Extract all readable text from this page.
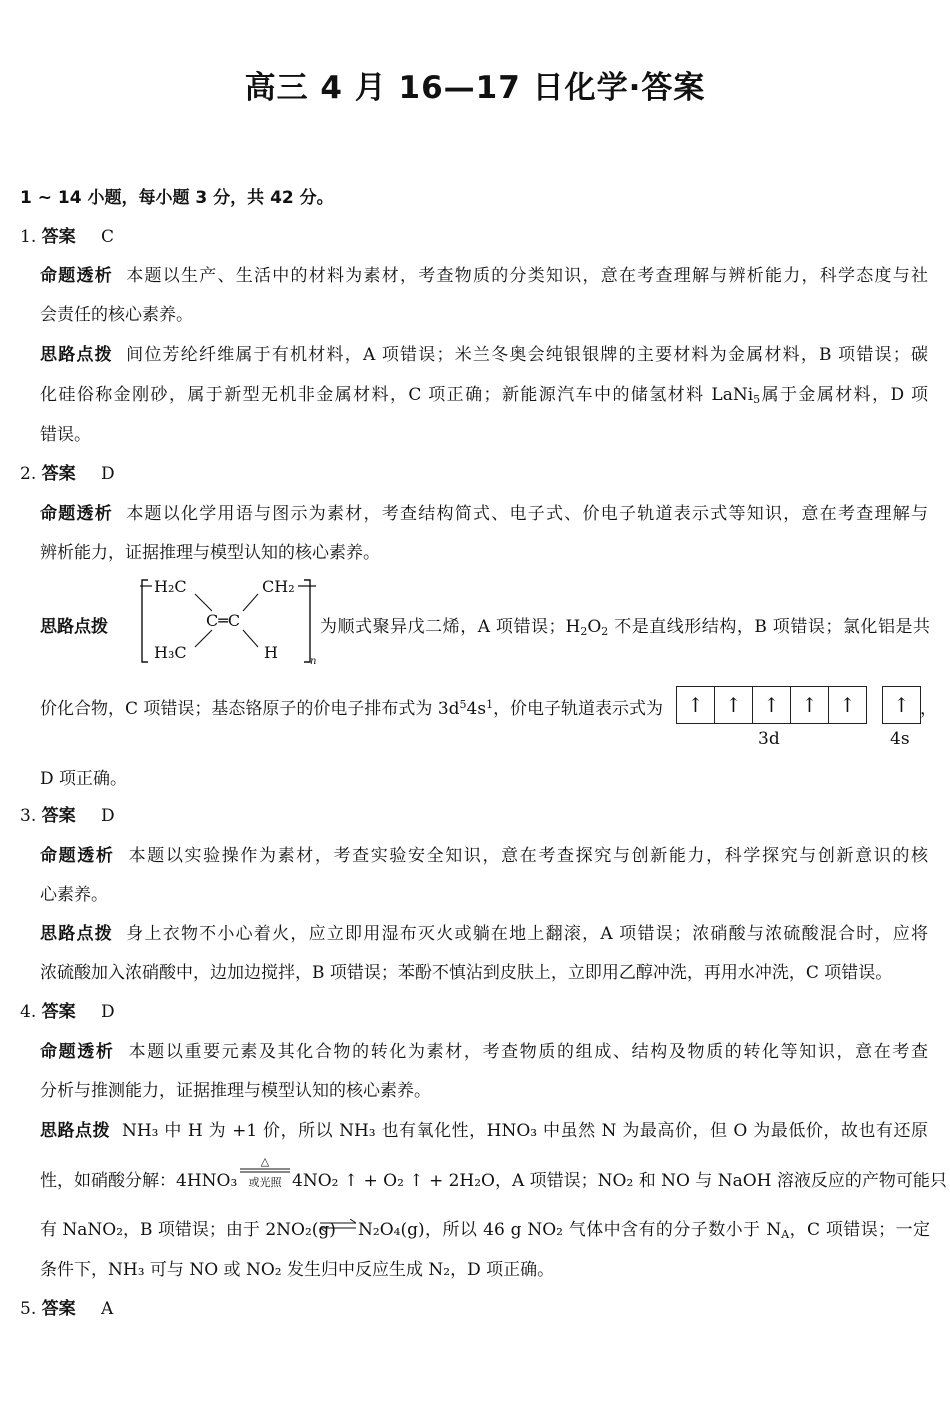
高三 4 月 16—17 日化学·答案
1 ~ 14 小题，每小题 3 分，共 42 分。
1. 答案 C
命题透析 本题以生产、生活中的材料为素材，考查物质的分类知识，意在考查理解与辨析能力，科学态度与社
会责任的核心素养。
思路点拨 间位芳纶纤维属于有机材料，A 项错误；米兰冬奥会纯银银牌的主要材料为金属材料，B 项错误；碳
化硅俗称金刚砂，属于新型无机非金属材料，C 项正确；新能源汽车中的储氢材料 LaNi$_5$属于金属材料，D 项
错误。
2. 答案 D
命题透析 本题以化学用语与图示为素材，考查结构简式、电子式、价电子轨道表示式等知识，意在考查理解与
辨析能力，证据推理与模型认知的核心素养。
思路点拨
H₂C	CH₂
C═C
H₃C	H	n
为顺式聚异戊二烯，A 项错误；$H_2O_2$ 不是直线形结构，B 项错误；氯化铝是共
价化合物，C 项错误；基态铬原子的价电子排布式为 $3d^54s^1$，价电子轨道表示式为	↑	↑	↑	↑	↑	↑ ，
3d	4s
D 项正确。
3. 答案 D
命题透析 本题以实验操作为素材，考查实验安全知识，意在考查探究与创新能力，科学探究与创新意识的核
心素养。
思路点拨 身上衣物不小心着火，应立即用湿布灭火或躺在地上翻滚，A 项错误；浓硝酸与浓硫酸混合时，应将
浓硫酸加入浓硝酸中，边加边搅拌，B 项错误；苯酚不慎沾到皮肤上，立即用乙醇冲洗，再用水冲洗，C 项错误。
4. 答案 D
命题透析 本题以重要元素及其化合物的转化为素材，考查物质的组成、结构及物质的转化等知识，意在考查
分析与推测能力，证据推理与模型认知的核心素养。
思路点拨 NH₃ 中 H 为 +1 价，所以 NH₃ 也有氧化性，HNO₃ 中虽然 N 为最高价，但 O 为最低价，故也有还原
性，如硝酸分解：4HNO₃
△
或光照 4NO₂ ↑ + O₂ ↑ + 2H₂O，A 项错误；NO₂ 和 NO 与 NaOH 溶液反应的产物可能只
有 NaNO₂，B 项错误；由于 2NO₂(g) ⇌ N₂O₄(g)，所以 46 g NO₂ 气体中含有的分子数小于 $N_A$，C 项错误；一定
条件下，NH₃ 可与 NO 或 NO₂ 发生归中反应生成 N₂，D 项正确。
5. 答案 A
